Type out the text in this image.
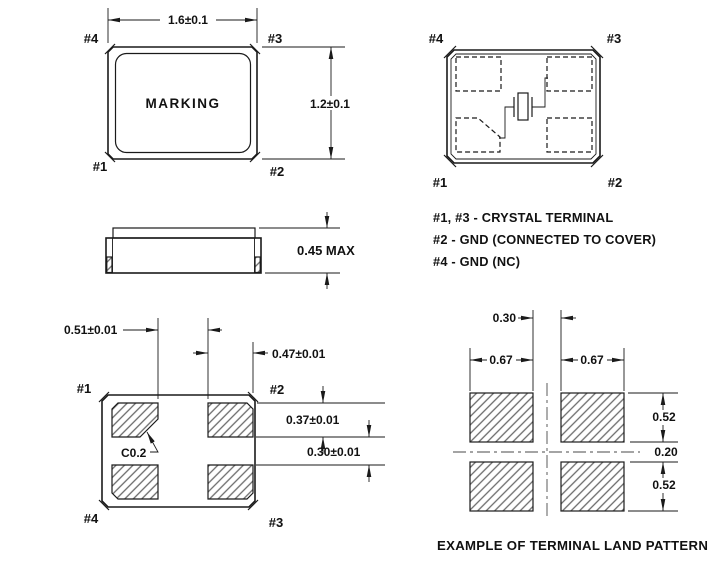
MARKING
#4	#3
#1	#2
1.6±0.1
1.2±0.1
#4	#3
#1	#2
0.45 MAX
#1, #3 - CRYSTAL TERMINAL
#2 - GND (CONNECTED TO COVER)
#4 - GND (NC)
#1	#2
#4	#3
0.51±0.01
0.47±0.01
0.37±0.01
0.30±0.01
C0.2
0.30
0.67	0.67
0.52
0.20
0.52
EXAMPLE OF TERMINAL LAND PATTERN
